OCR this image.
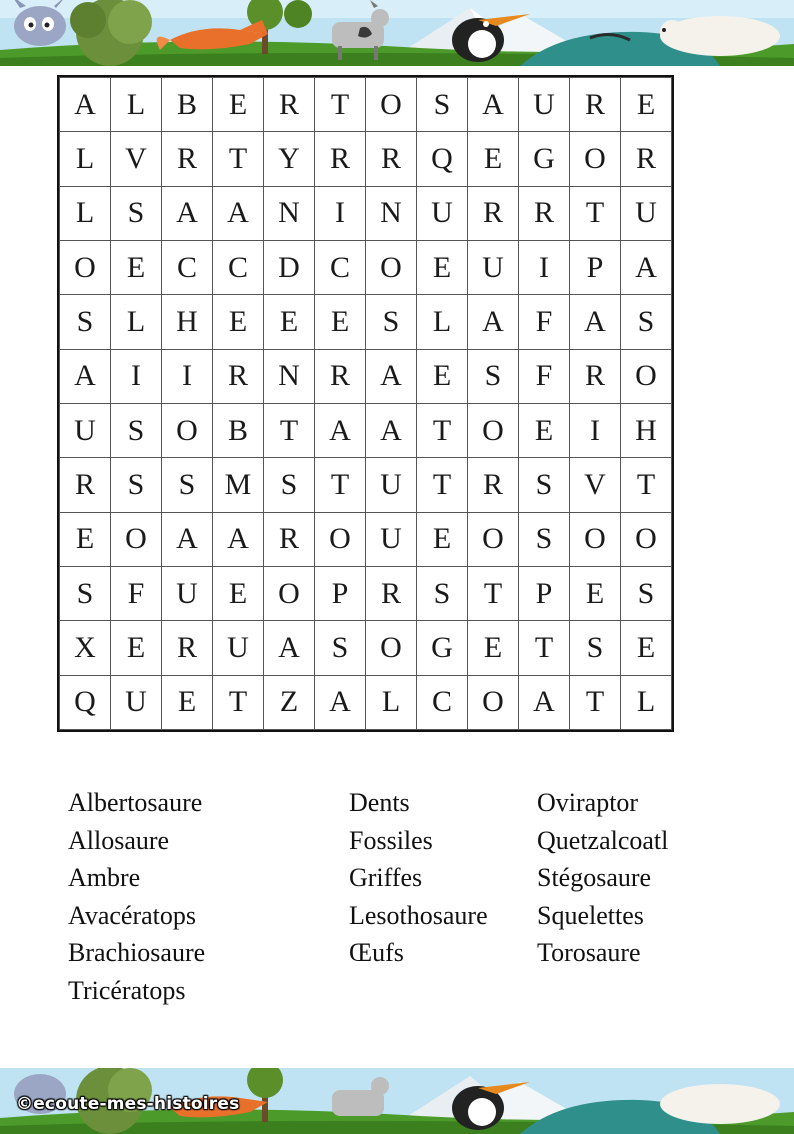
A	L	B	E	R	T	O	S	A	U	R	E
L	V	R	T	Y	R	R	Q	E	G	O	R
L	S	A	A	N	I	N	U	R	R	T	U
O	E	C	C	D	C	O	E	U	I	P	A
S	L	H	E	E	E	S	L	A	F	A	S
A	I	I	R	N	R	A	E	S	F	R	O
U	S	O	B	T	A	A	T	O	E	I	H
R	S	S	M	S	T	U	T	R	S	V	T
E	O	A	A	R	O	U	E	O	S	O	O
S	F	U	E	O	P	R	S	T	P	E	S
X	E	R	U	A	S	O	G	E	T	S	E
Q	U	E	T	Z	A	L	C	O	A	T	L
Albertosaure
Allosaure
Ambre
Avacératops
Brachiosaure
Tricératops
Dents
Fossiles
Griffes
Lesothosaure
Œufs
Oviraptor
Quetzalcoatl
Stégosaure
Squelettes
Torosaure
©ecoute-mes-histoires
